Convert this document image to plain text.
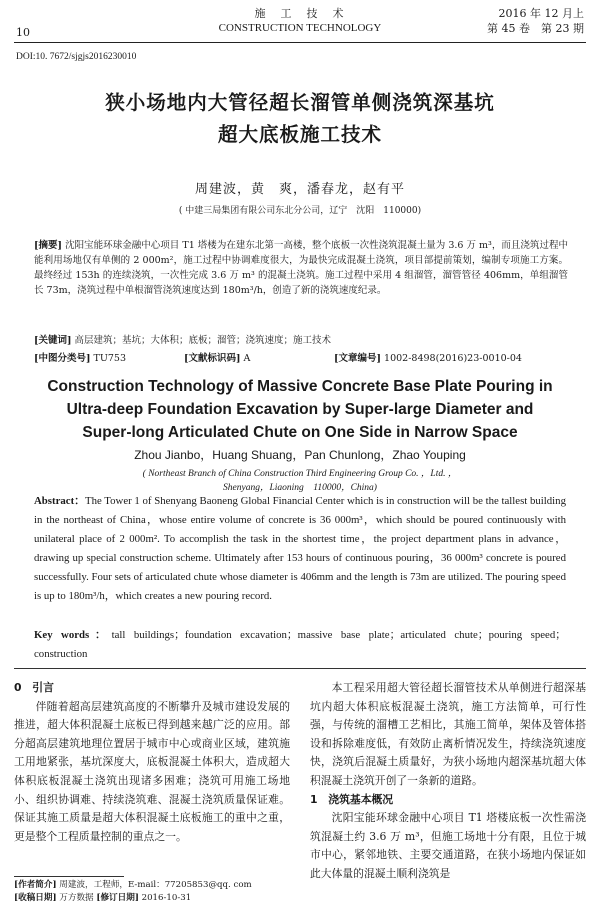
10
施　工　技　术
CONSTRUCTION TECHNOLOGY
2016 年 12 月上
第 45 卷　第 23 期
DOI:10. 7672/sjgjs2016230010
狭小场地内大管径超长溜管单侧浇筑深基坑
超大底板施工技术
周建波，黄　爽，潘春龙，赵有平
( 中建三局集团有限公司东北分公司，辽宁　沈阳　110000)
[摘要] 沈阳宝能环球金融中心项目 T1 塔楼为在建东北第一高楼，整个底板一次性浇筑混凝土量为 3.6 万 m³，而且浇筑过程中能利用场地仅有单侧的 2 000m²，施工过程中协调难度很大，为最快完成混凝土浇筑，项目部提前策划，编制专项施工方案。最终经过 153h 的连续浇筑，一次性完成 3.6 万 m³ 的混凝土浇筑。施工过程中采用 4 组溜管，溜管管径 406mm，单组溜管长 73m，浇筑过程中单根溜管浇筑速度达到 180m³/h，创造了新的浇筑速度纪录。
[关键词] 高层建筑；基坑；大体积；底板；溜管；浇筑速度；施工技术
[中图分类号] TU753	[文献标识码] A	[文章编号] 1002-8498(2016)23-0010-04
Construction Technology of Massive Concrete Base Plate Pouring in
Ultra-deep Foundation Excavation by Super-large Diameter and
Super-long Articulated Chute on One Side in Narrow Space
Zhou Jianbo，Huang Shuang，Pan Chunlong，Zhao Youping
( Northeast Branch of China Construction Third Engineering Group Co. ，Ltd. ，
Shenyang，Liaoning　110000，China)
Abstract：The Tower 1 of Shenyang Baoneng Global Financial Center which is in construction will be the tallest building in the northeast of China，whose entire volume of concrete is 36 000m³，which should be poured continuously with unilateral place of 2 000m². To accomplish the task in the shortest time，the project department plans in advance，drawing up special construction scheme. Ultimately after 153 hours of continuous pouring，36 000m³ concrete is poured successfully. Four sets of articulated chute whose diameter is 406mm and the length is 73m are utilized. The pouring speed is up to 180m³/h，which creates a new pouring record.
Key words：tall buildings；foundation excavation；massive base plate；articulated chute；pouring speed；construction
0　引言
伴随着超高层建筑高度的不断攀升及城市建设发展的推进，超大体积混凝土底板已得到越来越广泛的应用。部分超高层建筑地理位置居于城市中心或商业区域，建筑施工用地紧张，基坑深度大，底板混凝土体积大，造成超大体积底板混凝土浇筑出现诸多困难；浇筑可用施工场地小、组织协调难、持续浇筑难、混凝土浇筑质量保证难。保证其施工质量是超大体积混凝土底板施工的重中之重，更是整个工程质量控制的重点之一。
本工程采用超大管径超长溜管技术从单侧进行超深基坑内超大体积底板混凝土浇筑，施工方法简单，可行性强，与传统的溜槽工艺相比，其施工简单，架体及管体搭设和拆除难度低，有效防止离析情况发生，持续浇筑速度快，浇筑后混凝土质量好，为狭小场地内超深基坑超大体积混凝土浇筑开创了一条新的道路。
1　浇筑基本概况
沈阳宝能环球金融中心项目 T1 塔楼底板一次性需浇筑混凝土约 3.6 万 m³，但施工场地十分有限，且位于城市中心，紧邻地铁、主要交通道路，在狭小场地内保证如此大体量的混凝土顺利浇筑是
[作者简介] 周建波，工程师，E-mail：77205853@qq. com
[收稿日期] 万方数据 [修订日期] 2016-10-31
